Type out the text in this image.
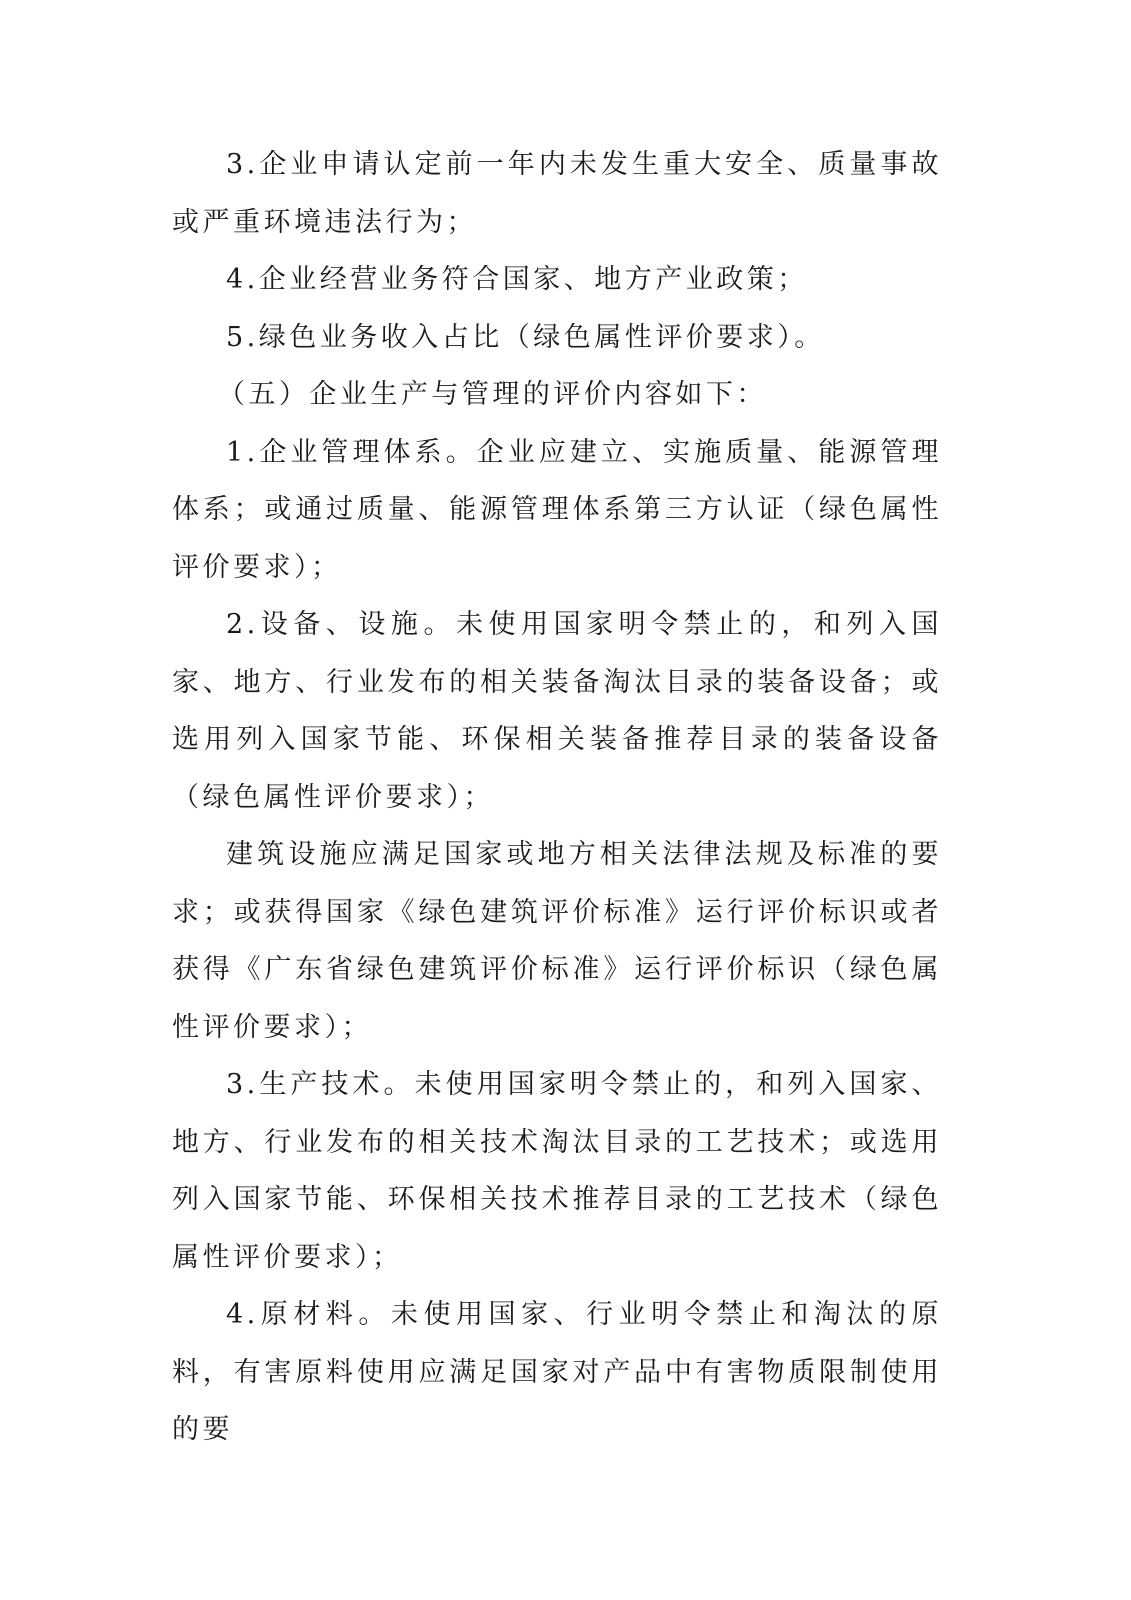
3.企业申请认定前一年内未发生重大安全、质量事故或严重环境违法行为；

4.企业经营业务符合国家、地方产业政策；

5.绿色业务收入占比（绿色属性评价要求）。

（五）企业生产与管理的评价内容如下：

1.企业管理体系。企业应建立、实施质量、能源管理体系；或通过质量、能源管理体系第三方认证（绿色属性评价要求）；

2.设备、设施。未使用国家明令禁止的，和列入国家、地方、行业发布的相关装备淘汰目录的装备设备；或选用列入国家节能、环保相关装备推荐目录的装备设备（绿色属性评价要求）；

建筑设施应满足国家或地方相关法律法规及标准的要求；或获得国家《绿色建筑评价标准》运行评价标识或者获得《广东省绿色建筑评价标准》运行评价标识（绿色属性评价要求）；

3.生产技术。未使用国家明令禁止的，和列入国家、地方、行业发布的相关技术淘汰目录的工艺技术；或选用列入国家节能、环保相关技术推荐目录的工艺技术（绿色属性评价要求）；

4.原材料。未使用国家、行业明令禁止和淘汰的原料，有害原料使用应满足国家对产品中有害物质限制使用的要
